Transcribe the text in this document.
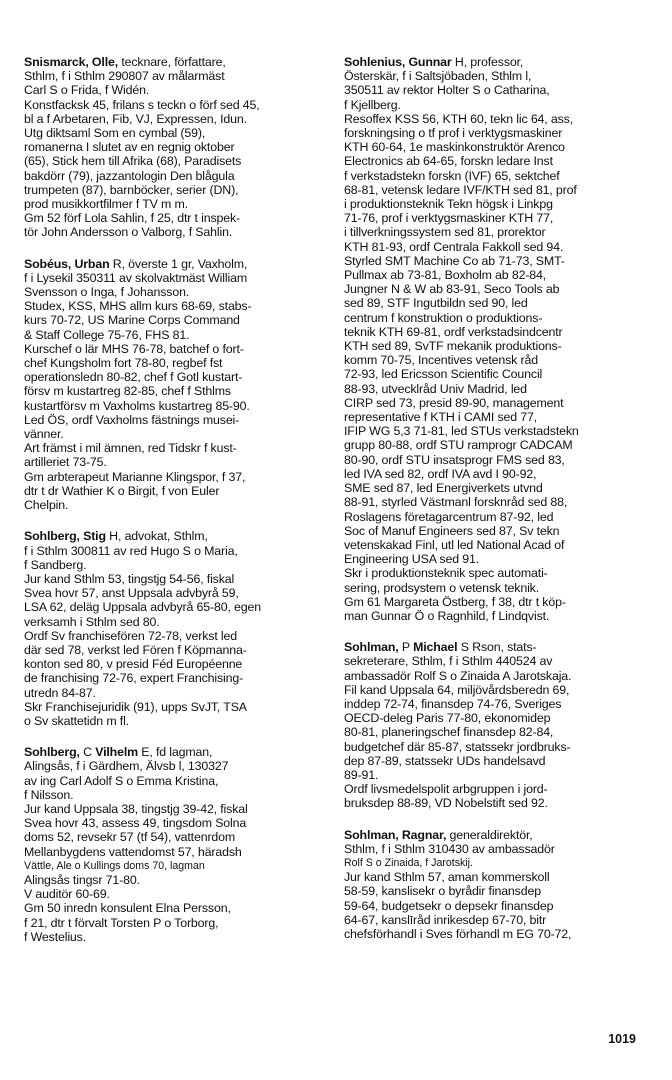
Snismarck, Olle, tecknare, författare,
Sthlm, f i Sthlm 290807 av målarmäst
Carl S o Frida, f Widén.
Konstfacksk 45, frilans s teckn o förf sed 45,
bl a f Arbetaren, Fib, VJ, Expressen, Idun.
Utg diktsaml Som en cymbal (59),
romanerna I slutet av en regnig oktober
(65), Stick hem till Afrika (68), Paradisets
bakdörr (79), jazzantologin Den blågula
trumpeten (87), barnböcker, serier (DN),
prod musikkortfilmer f TV m m.
Gm 52 förf Lola Sahlin, f 25, dtr t inspek-
tör John Andersson o Valborg, f Sahlin.
Sobéus, Urban R, överste 1 gr, Vaxholm,
f i Lysekil 350311 av skolvaktmäst William
Svensson o Inga, f Johansson.
Studex, KSS, MHS allm kurs 68-69, stabs-
kurs 70-72, US Marine Corps Command
& Staff College 75-76, FHS 81.
Kurschef o lär MHS 76-78, batchef o fort-
chef Kungsholm fort 78-80, regbef fst
operationsledn 80-82, chef f Gotl kustart-
försv m kustartreg 82-85, chef f Sthlms
kustartförsv m Vaxholms kustartreg 85-90.
Led ÖS, ordf Vaxholms fästnings musei-
vänner.
Art främst i mil ämnen, red Tidskr f kust-
artilleriet 73-75.
Gm arbterapeut Marianne Klingspor, f 37,
dtr t dr Wathier K o Birgit, f von Euler
Chelpin.
Sohlberg, Stig H, advokat, Sthlm,
f i Sthlm 300811 av red Hugo S o Maria,
f Sandberg.
Jur kand Sthlm 53, tingstjg 54-56, fiskal
Svea hovr 57, anst Uppsala advbyrå 59,
LSA 62, deläg Uppsala advbyrå 65-80, egen
verksamh i Sthlm sed 80.
Ordf Sv franchisefören 72-78, verkst led
där sed 78, verkst led Fören f Köpmanna-
konton sed 80, v presid Féd Européenne
de franchising 72-76, expert Franchising-
utredn 84-87.
Skr Franchisejuridik (91), upps SvJT, TSA
o Sv skattetidn m fl.
Sohlberg, C Vilhelm E, fd lagman,
Alingsås, f i Gärdhem, Älvsb l, 130327
av ing Carl Adolf S o Emma Kristina,
f Nilsson.
Jur kand Uppsala 38, tingstjg 39-42, fiskal
Svea hovr 43, assess 49, tingsdom Solna
doms 52, revsekr 57 (tf 54), vattenrdom
Mellanbygdens vattendomst 57, häradsh
Vättle, Ale o Kullings doms 70, lagman
Alingsås tingsr 71-80.
V auditör 60-69.
Gm 50 inredn konsulent Elna Persson,
f 21, dtr t förvalt Torsten P o Torborg,
f Westelius.
Sohlenius, Gunnar H, professor,
Österskär, f i Saltsjöbaden, Sthlm l,
350511 av rektor Holter S o Catharina,
f Kjellberg.
Resoffex KSS 56, KTH 60, tekn lic 64, ass,
forskningsing o tf prof i verktygsmaskiner
KTH 60-64, 1e maskinkonstruktör Arenco
Electronics ab 64-65, forskn ledare Inst
f verkstadstekn forskn (IVF) 65, sektchef
68-81, vetensk ledare IVF/KTH sed 81, prof
i produktionsteknik Tekn högsk i Linkpg
71-76, prof i verktygsmaskiner KTH 77,
i tillverkningssystem sed 81, prorektor
KTH 81-93, ordf Centrala Fakkoll sed 94.
Styrled SMT Machine Co ab 71-73, SMT-
Pullmax ab 73-81, Boxholm ab 82-84,
Jungner N & W ab 83-91, Seco Tools ab
sed 89, STF Ingutbildn sed 90, led
centrum f konstruktion o produktions-
teknik KTH 69-81, ordf verkstadsindcentr
KTH sed 89, SvTF mekanik produktions-
komm 70-75, Incentives vetensk råd
72-93, led Ericsson Scientific Council
88-93, utvecklråd Univ Madrid, led
CIRP sed 73, presid 89-90, management
representative f KTH i CAMI sed 77,
IFIP WG 5,3 71-81, led STUs verkstadstekn
grupp 80-88, ordf STU ramprogr CADCAM
80-90, ordf STU insatsprogr FMS sed 83,
led IVA sed 82, ordf IVA avd I 90-92,
SME sed 87, led Energiverkets utvnd
88-91, styrled Västmanl forsknråd sed 88,
Roslagens företagarcentrum 87-92, led
Soc of Manuf Engineers sed 87, Sv tekn
vetenskakad Finl, utl led National Acad of
Engineering USA sed 91.
Skr i produktionsteknik spec automati-
sering, prodsystem o vetensk teknik.
Gm 61 Margareta Östberg, f 38, dtr t köp-
man Gunnar Ö o Ragnhild, f Lindqvist.
Sohlman, P Michael S Rson, stats-
sekreterare, Sthlm, f i Sthlm 440524 av
ambassadör Rolf S o Zinaida A Jarotskaja.
Fil kand Uppsala 64, miljövårdsberedn 69,
inddep 72-74, finansdep 74-76, Sveriges
OECD-deleg Paris 77-80, ekonomidep
80-81, planeringschef finansdep 82-84,
budgetchef där 85-87, statssekr jordbruks-
dep 87-89, statssekr UDs handelsavd
89-91.
Ordf livsmedelspolit arbgruppen i jord-
bruksdep 88-89, VD Nobelstift sed 92.
Sohlman, Ragnar, generaldirektör,
Sthlm, f i Sthlm 310430 av ambassadör
Rolf S o Zinaida, f Jarotskij.
Jur kand Sthlm 57, aman kommerskoll
58-59, kanslisekr o byrådir finansdep
59-64, budgetsekr o depsekr finansdep
64-67, kanslīråd inrikesdep 67-70, bitr
chefsförhandl i Sves förhandl m EG 70-72,
1019
